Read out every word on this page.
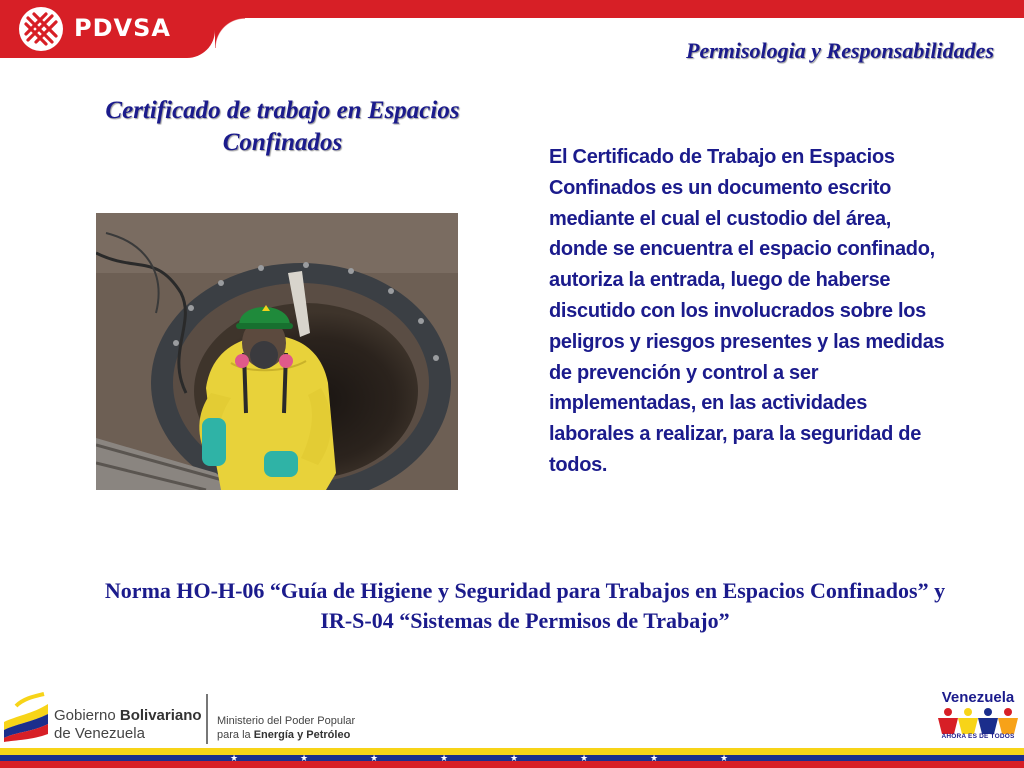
PDVSA
Permisologia y Responsabilidades
Certificado de trabajo en Espacios Confinados
El Certificado de Trabajo en Espacios Confinados es un documento escrito mediante el cual el custodio del área, donde se encuentra el espacio confinado, autoriza la entrada, luego de haberse discutido con los involucrados sobre los peligros y riesgos presentes y las medidas de prevención y control a ser implementadas, en las actividades laborales a realizar, para la seguridad de todos.
Norma HO-H-06 “Guía de Higiene y Seguridad para Trabajos en Espacios Confinados” y IR-S-04 “Sistemas de Permisos de Trabajo”
Gobierno Bolivariano
de Venezuela
Ministerio del Poder Popular
para la Energía y Petróleo
Venezuela
AHORA ES DE TODOS
★	★	★	★	★	★	★	★
